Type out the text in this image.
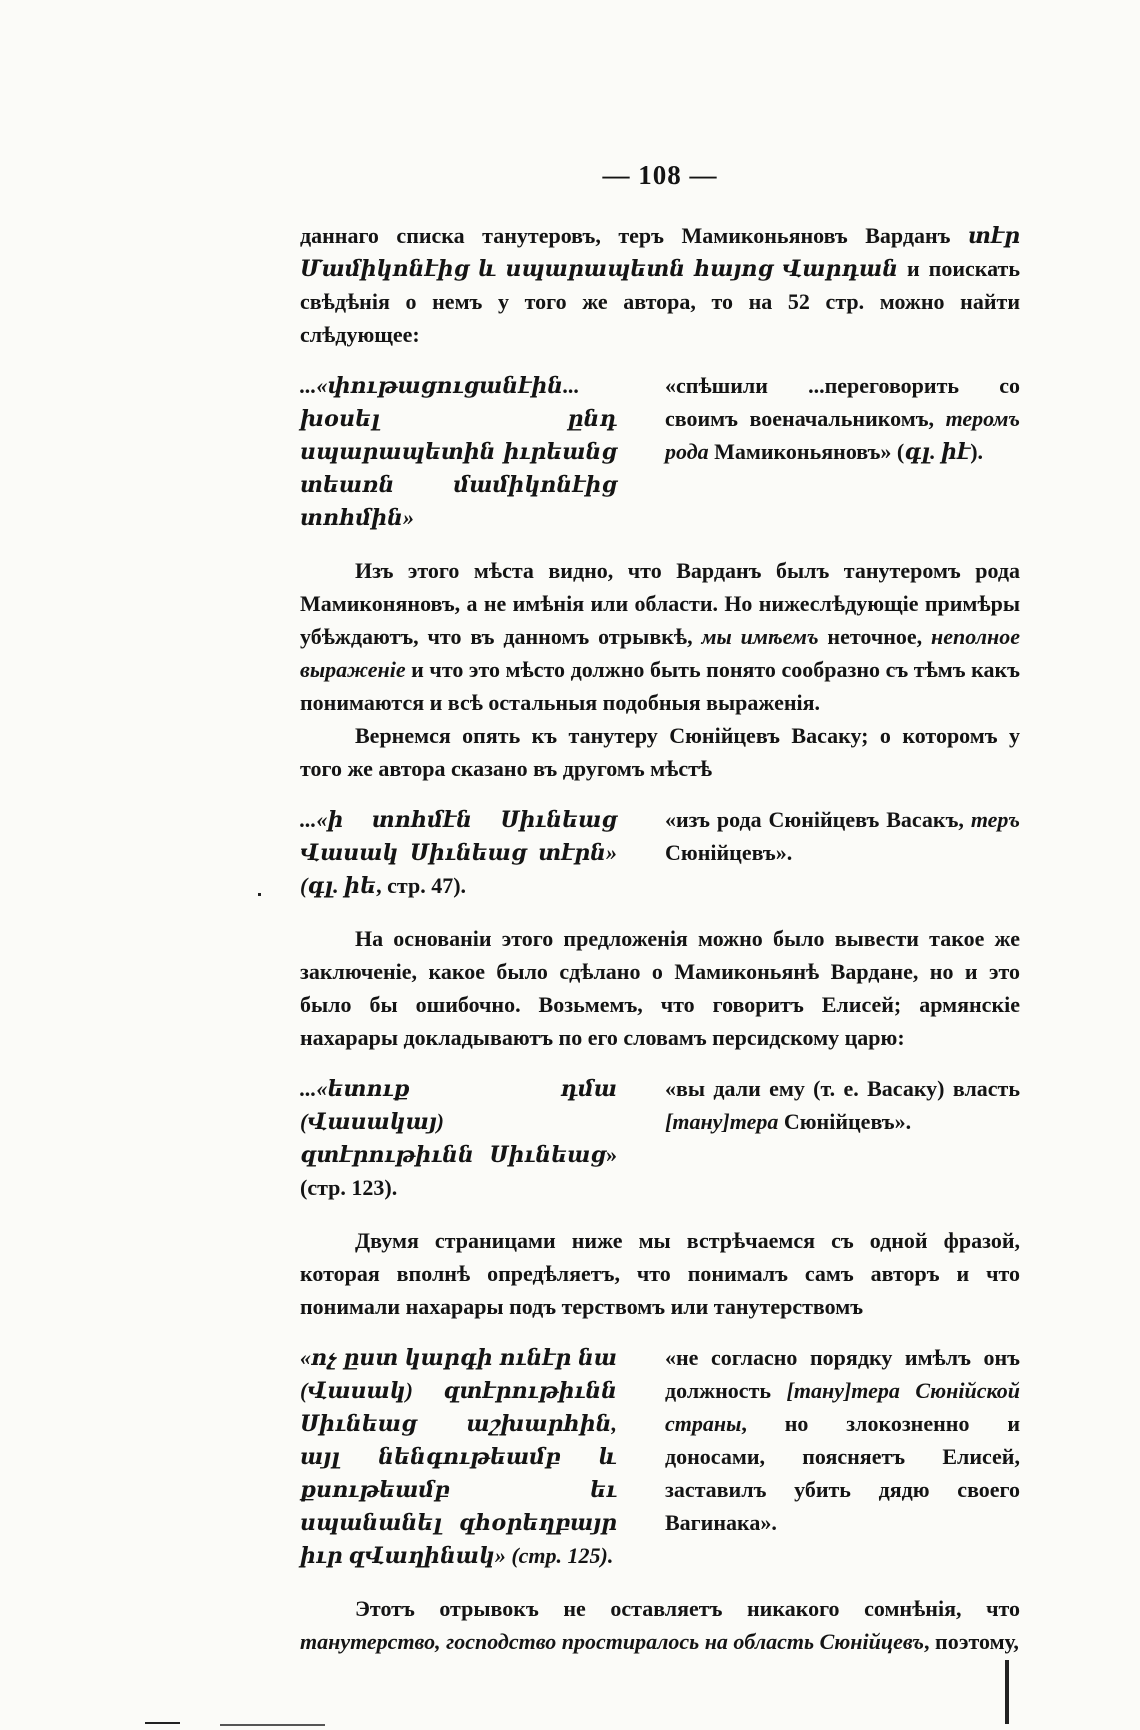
— 108 —

даннаго списка танутеровъ, теръ Мамиконьяновъ Варданъ տէր Մամիկոնէից և սպարապետն հայոց Վարդան и поискать свѣдѣнія о немъ у того же автора, то на 52 стр. можно найти слѣдующее:

...«փութացուցանէին... խօսել ընդ սպարապետին իւրեանց տեառն մամիկոնէից տոհմին»
«спѣшили ...переговорить со своимъ военачальникомъ, теромъ рода Мамиконьяновъ» (գլ. իէ).

Изъ этого мѣста видно, что Варданъ былъ танутеромъ рода Мамиконяновъ, а не имѣнія или области. Но нижеслѣдующіе примѣры убѣждаютъ, что въ данномъ отрывкѣ, мы имѣемъ неточное, неполное выраженіе и что это мѣсто должно быть понято сообразно съ тѣмъ какъ понимаются и всѣ остальныя подобныя выраженія.

Вернемся опять къ танутеру Сюнійцевъ Васаку; о которомъ у того же автора сказано въ другомъ мѣстѣ

...«ի տոհմէն Սիւնեաց Վասակ Սիւնեաց տէրն» (գլ. իե, стр. 47).
«изъ рода Сюнійцевъ Васакъ, теръ Сюнійцевъ».

На основаніи этого предложенія можно было вывести такое же заключеніе, какое было сдѣлано о Мамиконьянѣ Вардане, но и это было бы ошибочно. Возьмемъ, что говоритъ Елисей; армянскіе нахарары докладываютъ по его словамъ персидскому царю:

...«ետուք դմա (Վասակայ) զտէրութիւնն Սիւնեաց» (стр. 123).
«вы дали ему (т. е. Васаку) власть [тану]тера Сюнійцевъ».

Двумя страницами ниже мы встрѣчаемся съ одной фразой, которая вполнѣ опредѣляетъ, что понималъ самъ авторъ и что понимали нахарары подъ терствомъ или танутерствомъ

«ոչ ըստ կարգի ունէր նա (Վասակ) զտէրութիւնն Սիւնեաց աշխարհին, այլ նենգութեամբ և քսութեամբ եւ սպանանել զհօրեղբայր իւր զՎաղինակ» (стр. 125).
«не согласно порядку имѣлъ онъ должность [тану]тера Сюнійской страны, но злокозненно и доносами, поясняетъ Елисей, заставилъ убить дядю своего Вагинака».

Этотъ отрывокъ не оставляетъ никакого сомнѣнія, что танутерство, господство простиралось на область Сюнійцевъ, поэтому,
